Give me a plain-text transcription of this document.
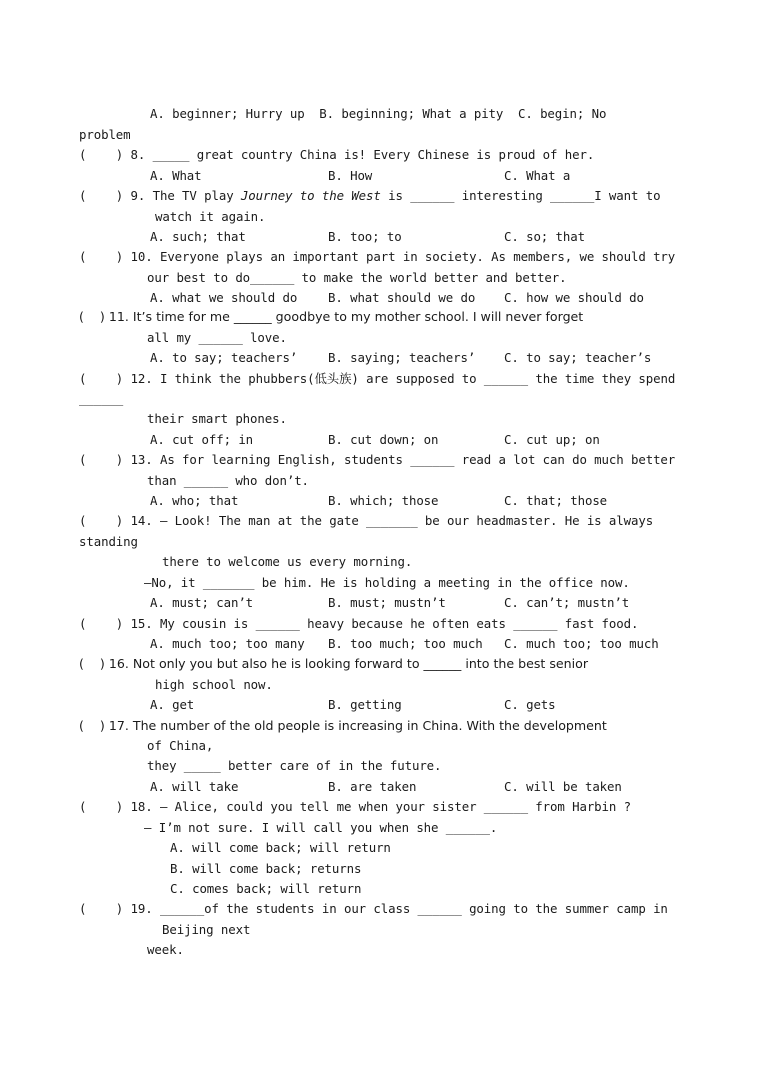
A. beginner; Hurry up  B. beginning; What a pity  C. begin; No
problem
(    ) 8. _____ great country China is! Every Chinese is proud of her.
A. What	B. How	C. What a
(    ) 9. The TV play Journey to the West is ______ interesting ______I want to
watch it again.
A. such; that	B. too; to	C. so; that
(    ) 10. Everyone plays an important part in society. As members, we should try
our best to do______ to make the world better and better.
A. what we should do B. what should we do C. how we should do
(    ) 11. It’s time for me ______ goodbye to my mother school. I will never forget
all my ______ love.
A. to say; teachers’ B. saying; teachers’ C. to say; teacher’s
(    ) 12. I think the phubbers(低头族) are supposed to ______ the time they spend
______
their smart phones.
A. cut off; in	B. cut down; on	C. cut up; on
(    ) 13. As for learning English, students ______ read a lot can do much better
than ______ who don’t.
A. who; that	B. which; those	C. that; those
(    ) 14. — Look! The man at the gate _______ be our headmaster. He is always
standing
there to welcome us every morning.
—No, it _______ be him. He is holding a meeting in the office now.
A. must; can’t	B. must; mustn’t	C. can’t; mustn’t
(    ) 15. My cousin is ______ heavy because he often eats ______ fast food.
A. much too; too many B. too much; too much C. much too; too much
(    ) 16. Not only you but also he is looking forward to ______ into the best senior
high school now.
A. get	B. getting	C. gets
(    ) 17. The number of the old people is increasing in China. With the development
of China,
they _____ better care of in the future.
A. will take	B. are taken	C. will be taken
(    ) 18. — Alice, could you tell me when your sister ______ from Harbin ?
— I’m not sure. I will call you when she ______.
A. will come back; will return
B. will come back; returns
C. comes back; will return
(    ) 19. ______of the students in our class ______ going to the summer camp in
Beijing next
week.
